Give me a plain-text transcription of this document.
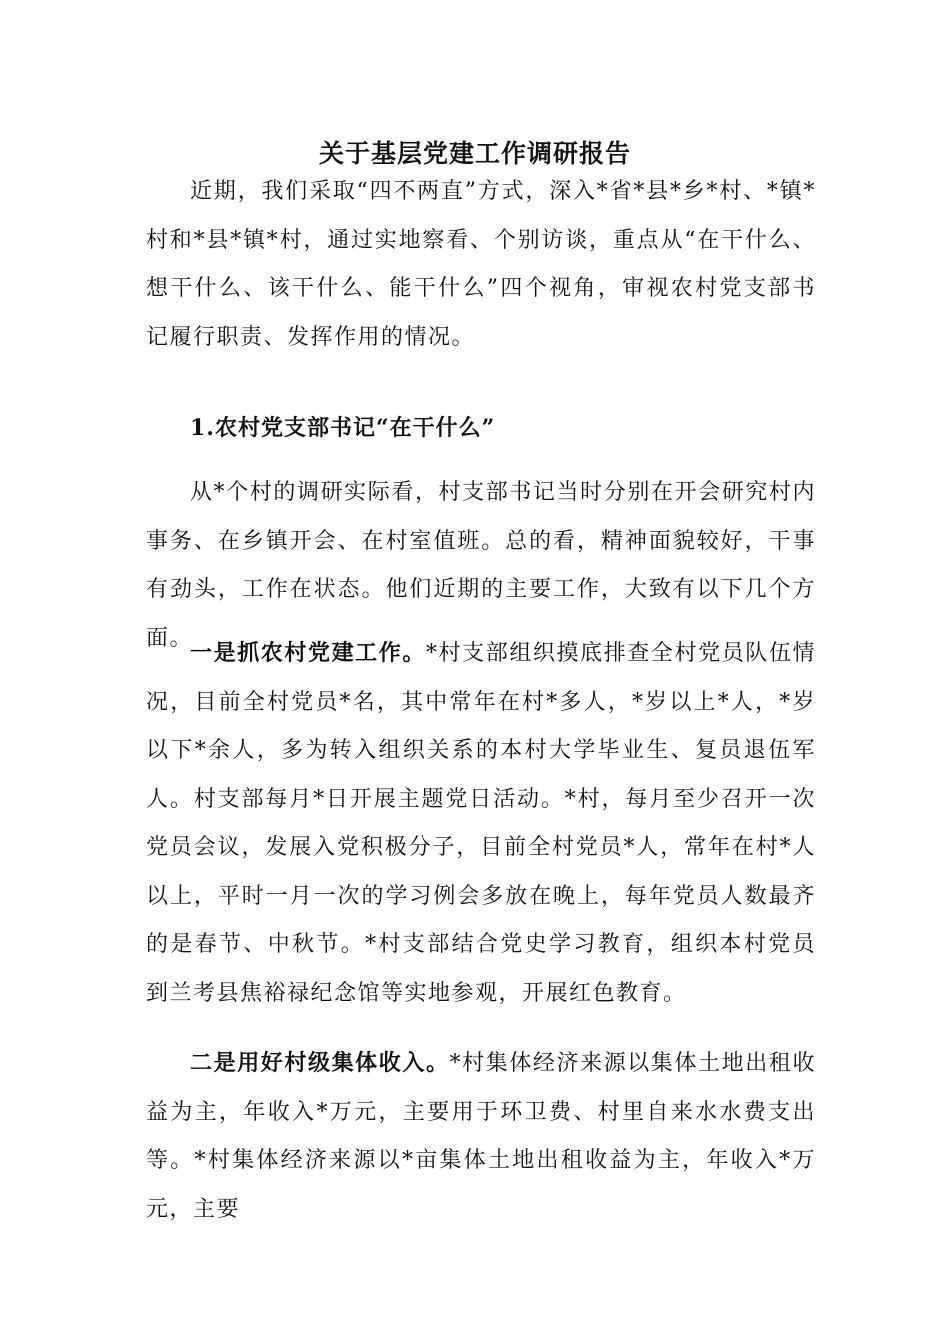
关于基层党建工作调研报告

近期，我们采取“四不两直”方式，深入*省*县*乡*村、*镇*村和*县*镇*村，通过实地察看、个别访谈，重点从“在干什么、想干什么、该干什么、能干什么”四个视角，审视农村党支部书记履行职责、发挥作用的情况。

1.农村党支部书记“在干什么”

从*个村的调研实际看，村支部书记当时分别在开会研究村内事务、在乡镇开会、在村室值班。总的看，精神面貌较好，干事有劲头，工作在状态。他们近期的主要工作，大致有以下几个方面。

一是抓农村党建工作。*村支部组织摸底排查全村党员队伍情况，目前全村党员*名，其中常年在村*多人，*岁以上*人，*岁以下*余人，多为转入组织关系的本村大学毕业生、复员退伍军人。村支部每月*日开展主题党日活动。*村，每月至少召开一次党员会议，发展入党积极分子，目前全村党员*人，常年在村*人以上，平时一月一次的学习例会多放在晚上，每年党员人数最齐的是春节、中秋节。*村支部结合党史学习教育，组织本村党员到兰考县焦裕禄纪念馆等实地参观，开展红色教育。

二是用好村级集体收入。*村集体经济来源以集体土地出租收益为主，年收入*万元，主要用于环卫费、村里自来水水费支出等。*村集体经济来源以*亩集体土地出租收益为主，年收入*万元，主要
